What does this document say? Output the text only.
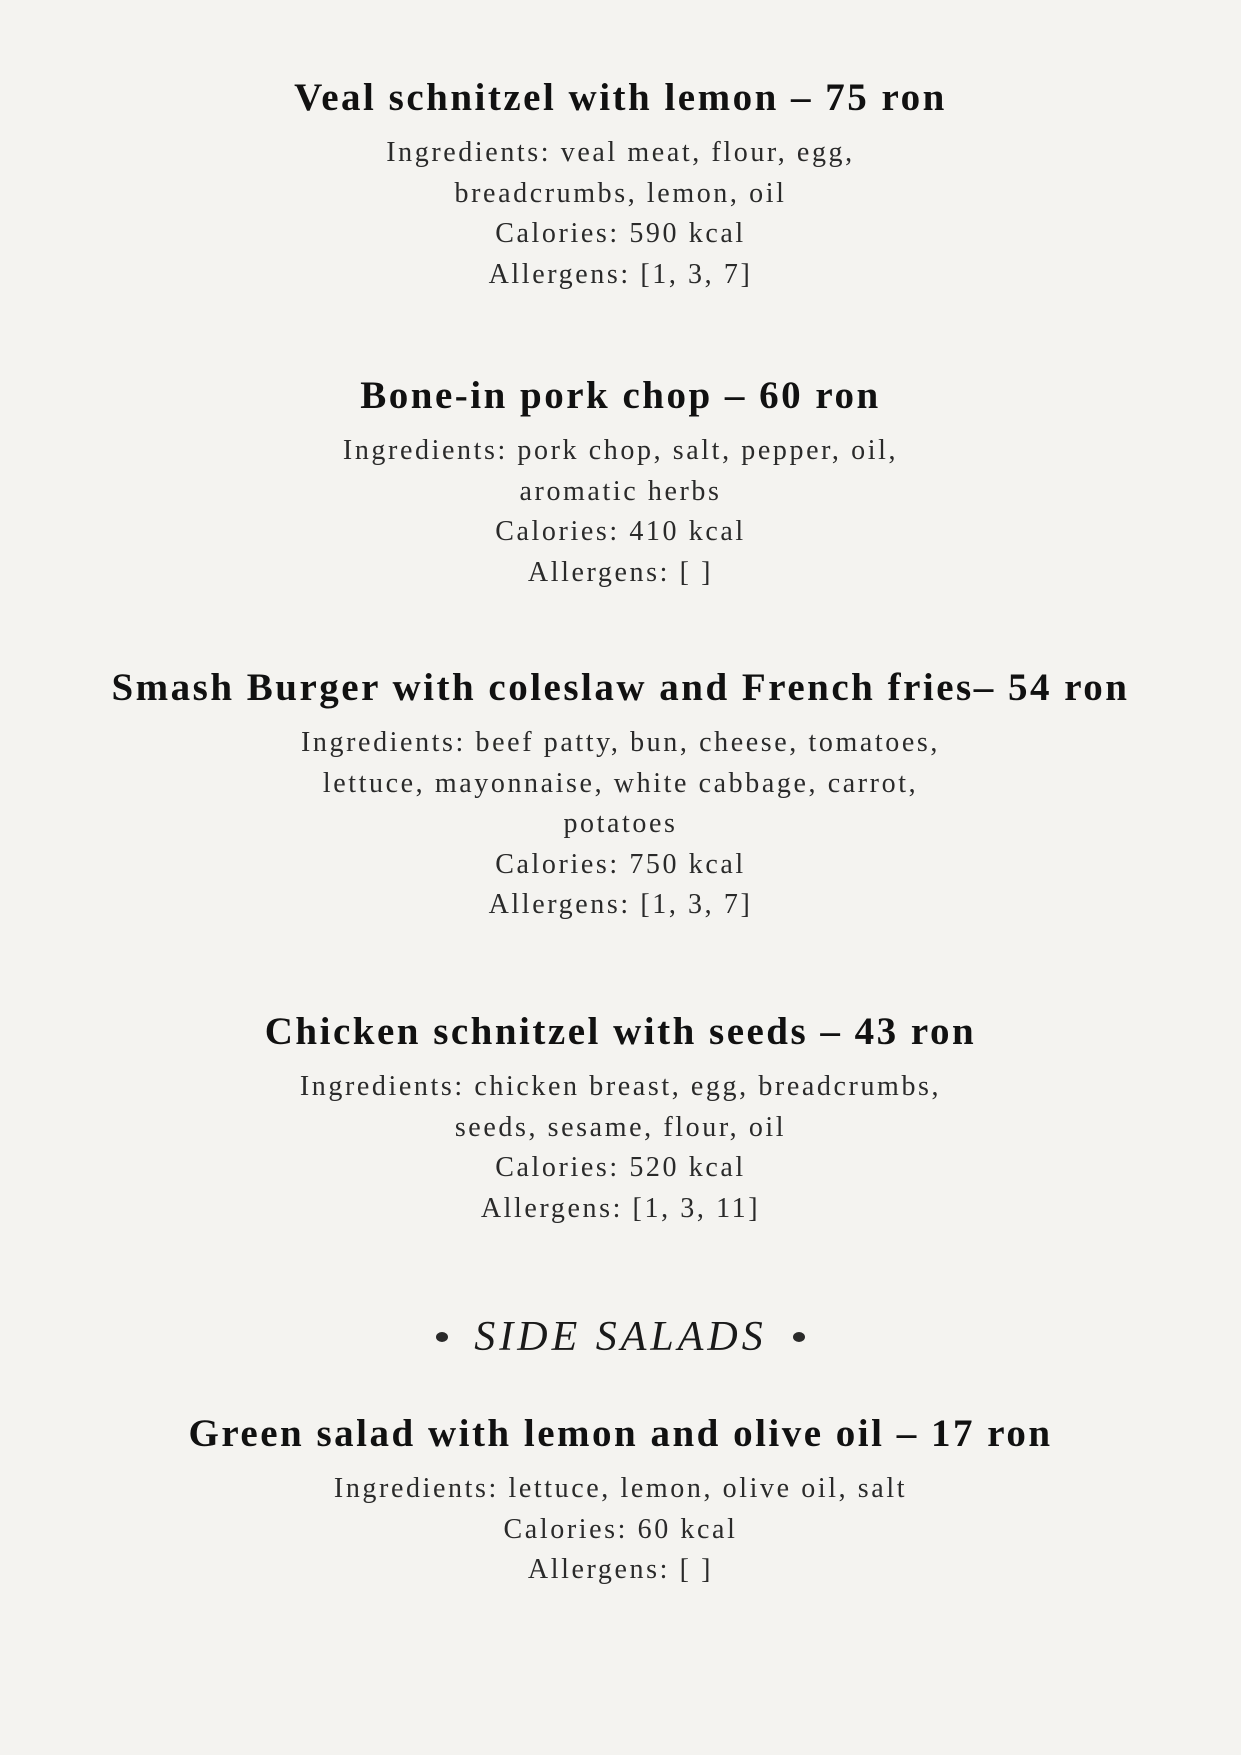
Veal schnitzel with lemon – 75 ron
Ingredients: veal meat, flour, egg,
breadcrumbs, lemon, oil
Calories: 590 kcal
Allergens: [1, 3, 7]
Bone-in pork chop – 60 ron
Ingredients: pork chop, salt, pepper, oil,
aromatic herbs
Calories: 410 kcal
Allergens: [ ]
Smash Burger with coleslaw and French fries– 54 ron
Ingredients: beef patty, bun, cheese, tomatoes,
lettuce, mayonnaise, white cabbage, carrot,
potatoes
Calories: 750 kcal
Allergens: [1, 3, 7]
Chicken schnitzel with seeds – 43 ron
Ingredients: chicken breast, egg, breadcrumbs,
seeds, sesame, flour, oil
Calories: 520 kcal
Allergens: [1, 3, 11]
SIDE SALADS
Green salad with lemon and olive oil – 17 ron
Ingredients: lettuce, lemon, olive oil, salt
Calories: 60 kcal
Allergens: [ ]
